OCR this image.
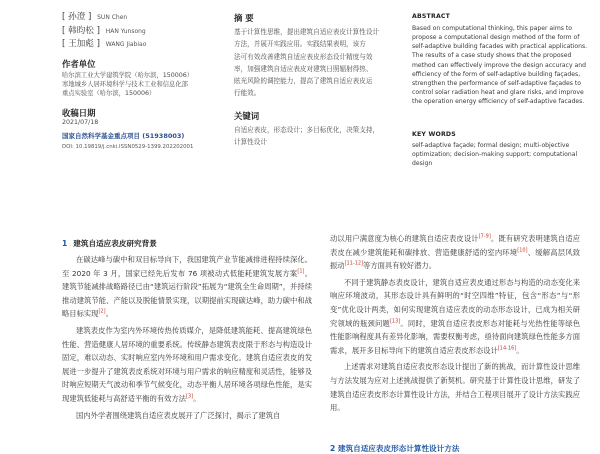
[ 孙澄 ] SUN Chen
[ 韩昀松 ] HAN Yunsong
[ 王加彪 ] WANG Jiabiao
作者单位
哈尔滨工业大学建筑学院（哈尔滨，150006）
寒地城乡人居环境科学与技术工业和信息化部
重点实验室（哈尔滨，150006）
收稿日期
2021/07/18
国家自然科学基金重点项目 (51938003)
DOI: 10.19819/j.cnki.ISSN0529-1399.202202001
摘 要
基于计算性思维，提出建筑自适应表皮计算性设计
方法，并展开实践应用。实践结果表明，该方
法可有效改善建筑自适应表皮形态设计精度与效
率，加强建筑自适应表皮对建筑日照辐射得热、
眩光风险的调控能力，提高了建筑自适应表皮运
行能效。
关键词
自适应表皮，形态设计；多目标优化，决策支持，
计算性设计
ABSTRACT
Based on computational thinking, this paper aims to
propose a computational design method of the form of
self-adaptive building facades with practical applications.
The results of a case study shows that the proposed
method can effectively improve the design accuracy and
efficiency of the form of self-adaptive building façades,
strengthen the performance of self-adaptive façades to
control solar radiation heat and glare risks, and improve
the operation energy efficiency of self-adaptive facades.
KEY WORDS
self-adaptive façade; formal design; multi-objective
optimization; decision-making support; computational
design
1 建筑自适应表皮研究背景

在碳达峰与碳中和双目标导向下，我国建筑产业节能减排进程持续深化。至 2020 年 3 月，国家已经先后发布 76 项被动式低能耗建筑发展方案[1]。建筑节能减排战略路径已由“建筑运行阶段”拓展为“建筑全生命周期”，并持续推动建筑节能、产能以及脱能情景实现，以期提前实现碳达峰，助力碳中和战略目标实现[2]。

建筑表皮作为室内外环境传热传质媒介，是降低建筑能耗、提高建筑绿色性能、营造健康人居环境的重要系统。传统静态建筑表皮限于形态与构造设计固定，难以动态、实时响应室内外环境和用户需求变化。建筑自适应表皮的发展进一步提升了建筑表皮系统对环境与用户需求的响应精度和灵活性，能够及时响应短期天气波动和季节气候变化，动态平衡人居环境各项绿色性能，是实现建筑低能耗与高舒适平衡的有效方法[3]。

国内外学者围绕建筑自适应表皮展开了广泛探讨，揭示了建筑自

动以用户满意度为核心的建筑自适应表皮设计[7-9]。既有研究表明建筑自适应表皮在减少建筑能耗和碳排放、营造健康舒适的室内环境[10]、缓解高层风致振动[11-12]等方面具有较好潜力。

不同于建筑静态表皮设计，建筑自适应表皮通过形态与构造的动态变化来响应环境波动，其形态设计具有鲜明的“时空四维”特征，包含“形态”与“形变”优化设计两类，如何实现建筑自适应表皮的动态形态设计，已成为相关研究领域的瓶颈问题[13]。同时，建筑自适应表皮形态对能耗与光热性能等绿色性能影响程度具有差异化影响，需要权衡考虑，亟待面向建筑绿色性能多方面需求，展开多目标导向下的建筑自适应表皮形态设计[14-16]。

上述需求对建筑自适应表皮形态设计提出了新的挑战，而计算性设计思维与方法发展为应对上述挑战提供了新契机。研究基于计算性设计思维，研发了建筑自适应表皮形态计算性设计方法，并结合工程项目展开了设计方法实践应用。

2 建筑自适应表皮形态计算性设计方法
